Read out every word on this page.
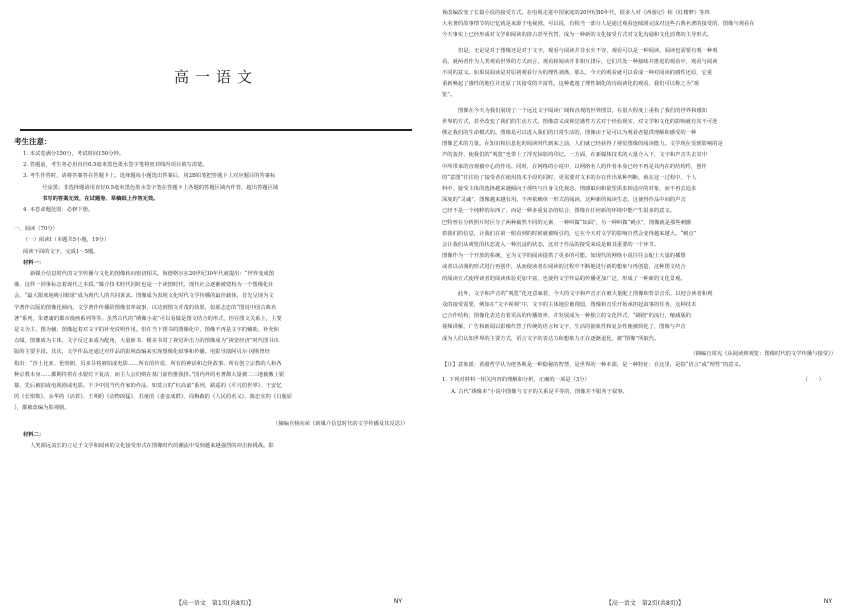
高一语文
考生注意：
1. 本试卷满分150分，考试时间150分钟。
2. 答题前，考生务必用直径0.5毫米黑色墨水签字笔将密封线内项目填写清楚。
3. 考生作答时，请将答案答在答题卡上。选择题每小题选出答案后，用2B铅笔把答题卡上对应题目的答案标
号涂黑；非选择题请用直径0.5毫米黑色墨水签字笔在答题卡上各题的答题区域内作答，超出答题区域
书写的答案无效，在试题卷、草稿纸上作答无效。
4. 本卷命题范围：必修下册。
一、阅读（70分）
（一）阅读Ⅰ（本题共5小题，19分）
阅读下面的文字，完成1～5题。
材料一：
新媒介信息时代的文学传播与文化的图像转向密切相关。海德格尔在20世纪30年代就提出：“世界变成图
像，这样一回事标志着现代之本质。”媒介技术时代同时也是一个读图时代，现代社会逐渐被建构为一个图像化社
会，“最大限度地吸引眼球”成为现代人的共同诉求。图像成为表现文化时代文学传播的最佳载体，首先呈现为文
学著作以版的图像化倾向。文学著作传播阶图像表率叙事，以达到图文并茂的效果，如那志忠的“图说中国古典名
著”系列，朱德庸的都市漫画系列等等。虽然古代的“绣像小说”可以看做是图文结合的形式，但在图文关系上，主要
是文为主，图为辅，图像起着对文字的补充说明作用。但在当下图书的图像化中，图像不再是文字的辅助，补充和
点缀，图像成为主体，文字反过来成为配角，大量新书、精美书常了视觉冲击力的图像成为“视觉经济”时代图书出
版的主要手段。其次，文学作品还通过对作品的影视改编来实现图像化叙事和传播。电影导演阿贝尔·冈斯曾经
指出：“莎士比亚、伦勃朗、贝多芬将被拍成电影……所有的传说、所有的神话和志怪故事、所有创立宗教的人和各
种宗教本身……都期待着在水银灯下复活，而主人公们则在墓门前你推我挤。”国内外的名著都大量被二三地被搬上银
幕，先后被拍成电视剧或电影。不少中国当代作家的作品，如莫言的“红高粱”系列、路遥的《平凡的世界》、王安忆
的《长恨歌》、余华的《活着》、王朔的《动物凶猛》、苏童的《妻妾成群》、周梅森的《人民的名义》、陈忠实的《白鹿原
》，都被改编为影视剧。
（摘编自杨向荣《新媒介信息时代的文学传播及其反思》）
材料二：
人类源远流长的立足于文学和阅读的文化接受形式在图像时代的潮流中受到越来越强烈的冲击和挑战。影
【高一语文　第1页(共8页)】	NY
视改编改变了长篇小说的接受方式。在电视走进中国家庭的20世纪80年代，很多人对《西游记》和《红楼梦》等四
大名著的故事情节的记忆就是来源于电视剧。可以说，有相当一部分人是通过观看连续剧完成对这些古典名著的接受的，图像与观看在
今天事实上已经形成对文学和阅读的挤占甚至代替，成为一种新的文化接受方式对文化沟通和文化消费的主导形式。
但是，无论是对于图像还是对于文字，观看与阅读并非水火不容，观看可以是一种阅读，阅读也需要有观一种观
看。就两者作为人类观看世界的方式而言，观看和阅读并非相互排斥，它们共处一种接续并推进的观看中，观看与阅读
不同的意义。如果说阅读是对原初观看行为的理性剥离，那么，今天的观看就可以看成一种对阅读的感性还原，它重
重新唤起了感性的地位并还原了其接受的丰富性。这种逃逸了理性制化的诗阅读化的观看，我们可以称之为“观
览”。
图像在今天为我们展现了一个远比文字阅读广阔和直观的世界图景，在很大程度上重构了我们的世界和感知
世界的方式，甚至改变了我们的生活方式。图像意义或视觉感性方式对于经验现实，对文学和文化的影响就有其不可逆
绑定我们的生命模式的。图像是可以进入我们的日常生活的，图像由于是可以为观看者提供理解和感受的一种
图像艺术的力量。在知识和信息化的阅读时代到来之前，人们就已经获得了视觉图像的阅读能力。文学现在受到影响的是
声的轰炸，使我们的“观览”也带上了浮光掠影的印记。一方面，在新媒体技术的大量介入下，文字和声音失去其中
中所带来的直观被中心的作用。同时，在网络的小说中，以网络名人的作者本身已经不再是其内在的结构性，创作
的“意图”往往给了接受者在使用技术手段的同时，更需要对文本的存在作出某种判断，就在这一过程中，个人
料中，接受主体的选择越来越倾向于那些与自身文化观念，情感取向和欲望需求相适应的对象，而不再去追求
深度的“灵魂”，图像越来越有用。不再依赖单一形式的阅读，这种新的阅读生态，这使得作品中间的声音
已经不是一个纯粹的东西了，而是一种多重复杂的综合，图像在任何新的环境中能产生很多的意义。
巴特曾在分析照片时区分了两种截然不同的元素，一种叫做“知面”，另一种叫做“刺点”，图像就是那些刺激
着我们的信息，让我们在第一眼看到的时候就被吸引的，它在今天对文学的影响自然会变得越来越大。“刺点”
会让我们从观览的状态进入一种沉浸的状态，这对于作品的接受来说是极其重要的一个环节。
图像作为一个开放的系统，它为文学的阅读提供了更多的可能。如现代的网络小说往往会配上大量的插图
或者以动漫的形式进行再创作，从而使读者在阅读的过程中不断地进行新的想象与再创造，这种图文结合
的阅读方式使得读者的阅读体验更加丰富，也使得文学作品的传播更加广泛，形成了一种新的文化景观。
此外，文字和声音的“观览”化还意味着，今天的文字和声音正在被大量配上图像和背景音乐，以迎合读者和观
众的接受需要，例如在“文字视频”中，文字的主体地位被削弱，图像和音乐开始承担起叙事的任务，这种技术
已合作结构，图像化表达有着更高的传播效率，并发展成为一种独立的文化样式，“刷剧”的流行，缩减版的
视频讲解，广告和新闻以影像代替了传统的语言和文字，生活的抽象性和复杂性便被简化了，图像与声音
成为人们认知世界的主要方式，语言文字的表达力和想象力正在逐渐退化，被“图像”所取代。
（摘编自周宪《从阅读到观览：图像时代的文学传播与接受》）
【注】意象派：希腊哲学认为逻各斯是一种隐秘的智慧，是世界的一种本源，是一种特征；在这里，是指“语言”或“理性”的意义。
1. 下列对材料一相关内容的理解和分析，正确的一项是（3分）	（　　）
A. 古代“绣像本”小说中图像与文字的关系是平等的，图像并不服务于叙事。
【高一语文　第2页(共8页)】	NY
